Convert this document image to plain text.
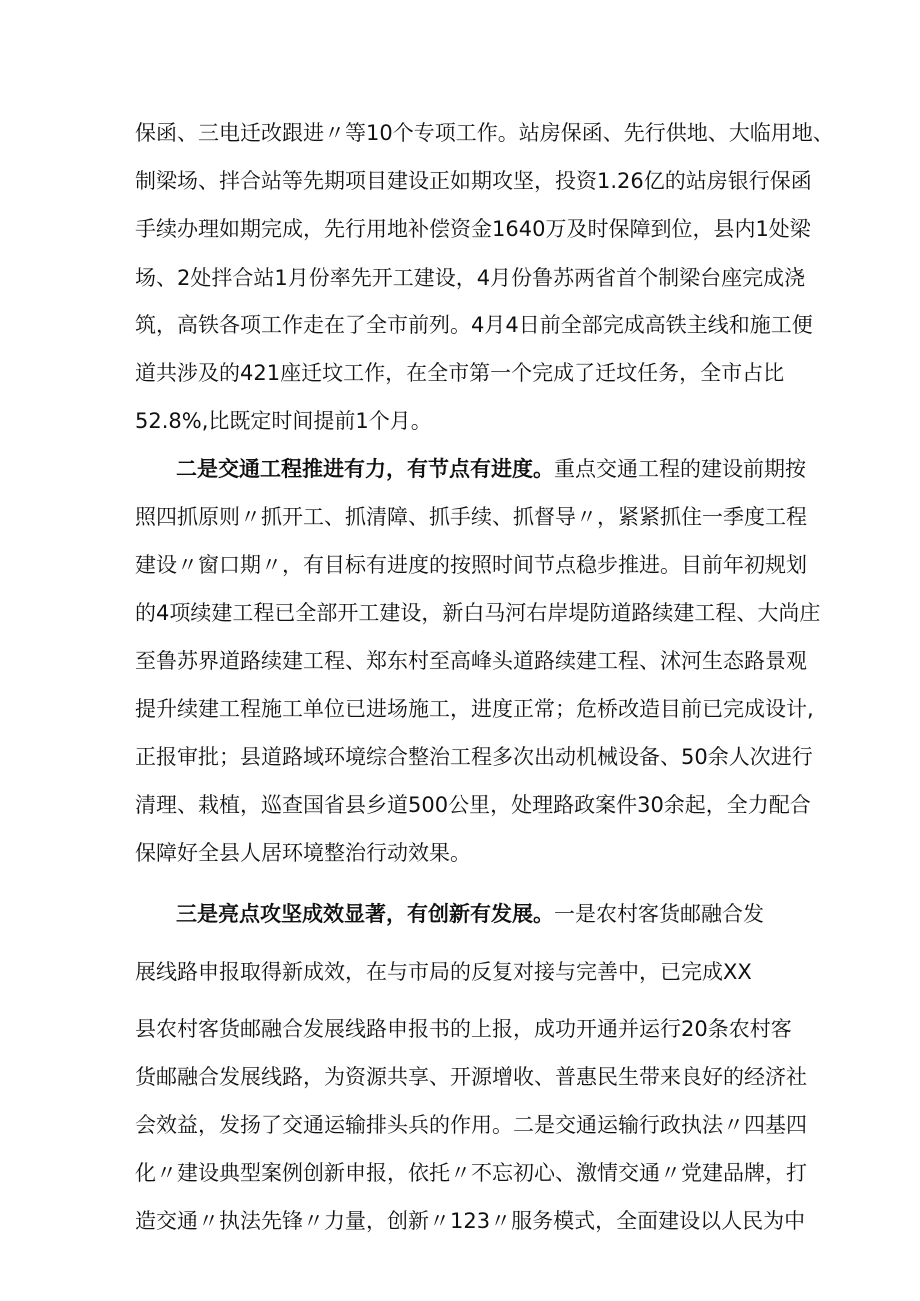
保函、三电迁改跟进〃等10个专项工作。站房保函、先行供地、大临用地、
制梁场、拌合站等先期项目建设正如期攻坚，投资1.26亿的站房银行保函
手续办理如期完成，先行用地补偿资金1640万及时保障到位，县内1处梁
场、2处拌合站1月份率先开工建设，4月份鲁苏两省首个制梁台座完成浇
筑，高铁各项工作走在了全市前列。4月4日前全部完成高铁主线和施工便
道共涉及的421座迁坟工作，在全市第一个完成了迁坟任务，全市占比
52.8%,比既定时间提前1个月。
二是交通工程推进有力，有节点有进度。重点交通工程的建设前期按
照四抓原则〃抓开工、抓清障、抓手续、抓督导〃，紧紧抓住一季度工程
建设〃窗口期〃，有目标有进度的按照时间节点稳步推进。目前年初规划
的4项续建工程已全部开工建设，新白马河右岸堤防道路续建工程、大尚庄
至鲁苏界道路续建工程、郑东村至高峰头道路续建工程、沭河生态路景观
提升续建工程施工单位已进场施工，进度正常；危桥改造目前已完成设计,
正报审批；县道路域环境综合整治工程多次出动机械设备、50余人次进行
清理、栽植，巡查国省县乡道500公里，处理路政案件30余起，全力配合
保障好全县人居环境整治行动效果。
三是亮点攻坚成效显著，有创新有发展。一是农村客货邮融合发
展线路申报取得新成效，在与市局的反复对接与完善中，已完成XX
县农村客货邮融合发展线路申报书的上报，成功开通并运行20条农村客
货邮融合发展线路，为资源共享、开源增收、普惠民生带来良好的经济社
会效益，发扬了交通运输排头兵的作用。二是交通运输行政执法〃四基四
化〃建设典型案例创新申报，依托〃不忘初心、激情交通〃党建品牌，打
造交通〃执法先锋〃力量，创新〃123〃服务模式，全面建设以人民为中
